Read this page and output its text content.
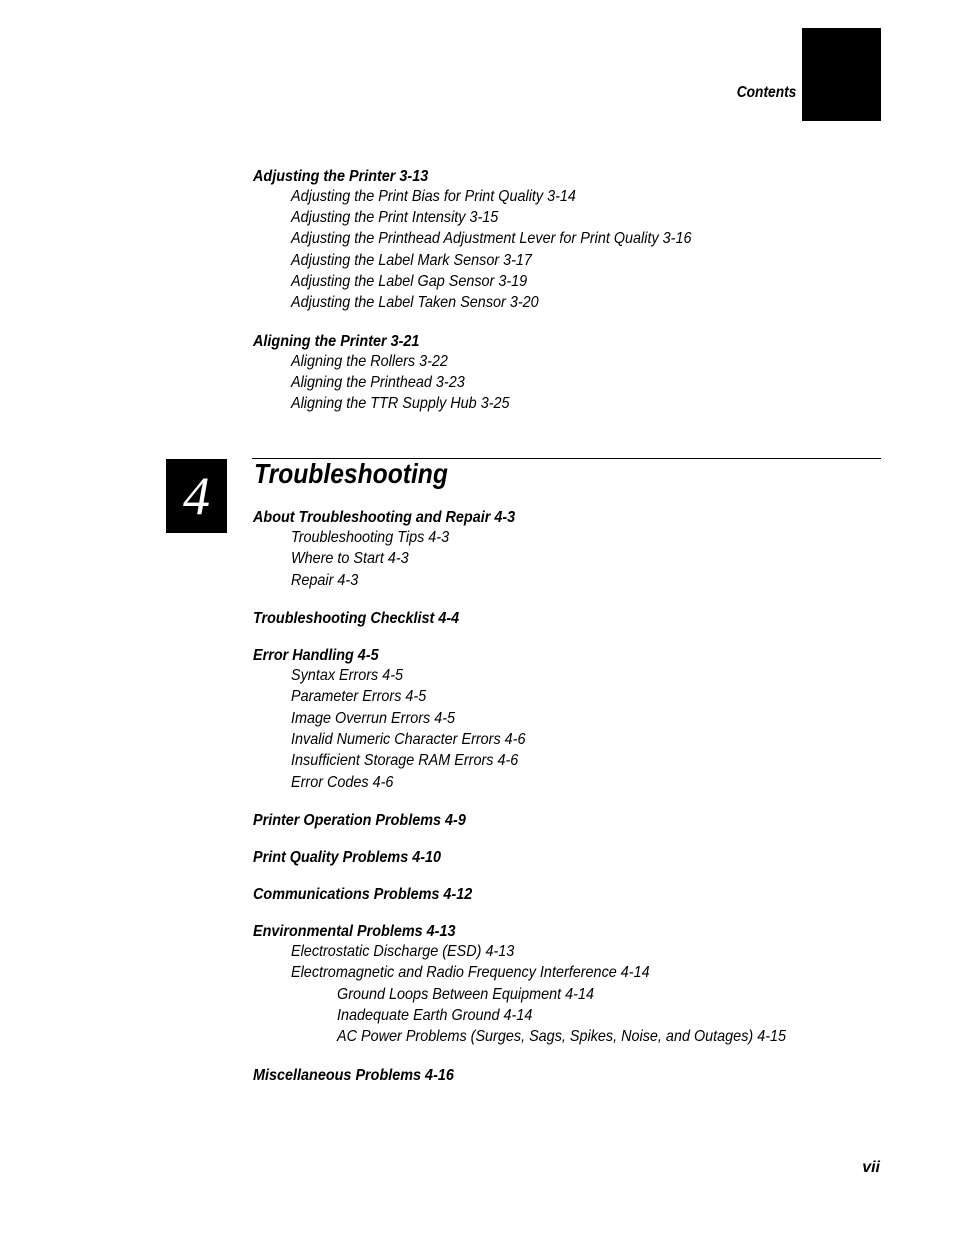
Contents
Adjusting the Printer 3-13
Adjusting the Print Bias for Print Quality 3-14
Adjusting the Print Intensity 3-15
Adjusting the Printhead Adjustment Lever for Print Quality 3-16
Adjusting the Label Mark Sensor 3-17
Adjusting the Label Gap Sensor 3-19
Adjusting the Label Taken Sensor 3-20
Aligning the Printer 3-21
Aligning the Rollers 3-22
Aligning the Printhead 3-23
Aligning the TTR Supply Hub 3-25
4	Troubleshooting
About Troubleshooting and Repair 4-3
Troubleshooting Tips 4-3
Where to Start 4-3
Repair 4-3
Troubleshooting Checklist 4-4
Error Handling 4-5
Syntax Errors 4-5
Parameter Errors 4-5
Image Overrun Errors 4-5
Invalid Numeric Character Errors 4-6
Insufficient Storage RAM Errors 4-6
Error Codes 4-6
Printer Operation Problems 4-9
Print Quality Problems 4-10
Communications Problems 4-12
Environmental Problems 4-13
Electrostatic Discharge (ESD) 4-13
Electromagnetic and Radio Frequency Interference 4-14
Ground Loops Between Equipment 4-14
Inadequate Earth Ground 4-14
AC Power Problems (Surges, Sags, Spikes, Noise, and Outages) 4-15
Miscellaneous Problems 4-16
vii
